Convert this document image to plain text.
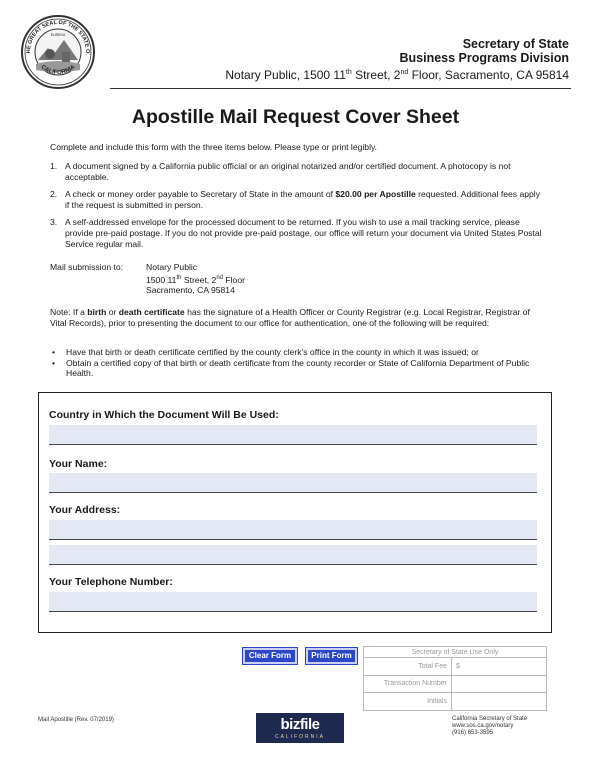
HE GREAT SEAL OF THE STATE O
CALIFORNIA
EUREKA
Secretary of State
Business Programs Division
Notary Public, 1500 11th Street, 2nd Floor, Sacramento, CA 95814
Apostille Mail Request Cover Sheet
Complete and include this form with the three items below. Please type or print legibly.
1. A document signed by a California public official or an original notarized and/or certified document. A photocopy is not acceptable.
2. A check or money order payable to Secretary of State in the amount of $20.00 per Apostille requested. Additional fees apply if the request is submitted in person.
3. A self-addressed envelope for the processed document to be returned. If you wish to use a mail tracking service, please provide pre-paid postage. If you do not provide pre-paid postage, our office will return your document via United States Postal Service regular mail.
Mail submission to:	Notary Public
1500 11th Street, 2nd Floor
Sacramento, CA 95814
Note: If a birth or death certificate has the signature of a Health Officer or County Registrar (e.g. Local Registrar, Registrar of Vital Records), prior to presenting the document to our office for authentication, one of the following will be required:
• Have that birth or death certificate certified by the county clerk’s office in the county in which it was issued; or
• Obtain a certified copy of that birth or death certificate from the county recorder or State of California Department of Public Health.
Country in Which the Document Will Be Used:
Your Name:
Your Address:
Your Telephone Number:
Clear Form	Print Form	Secretary of State Use Only	
Total Fee	$
Transaction Number	
Initials	
Mail Apostille (Rev. 07/2019)	bizfile
CALIFORNIA
California Secretary of State
www.sos.ca.gov/notary
(916) 653-3595
